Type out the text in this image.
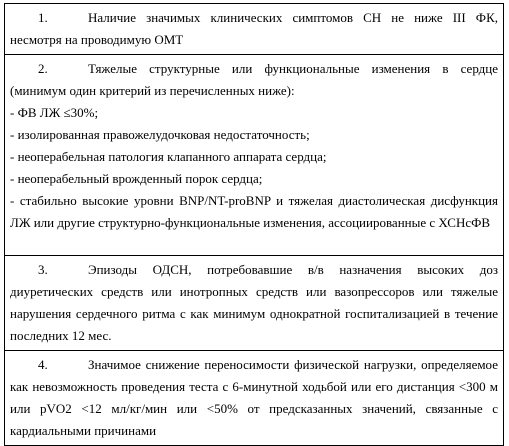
1.	Наличие значимых клинических симптомов СН не ниже III ФК, несмотря на проводимую ОМТ

2.	Тяжелые структурные или функциональные изменения в сердце (минимум один критерий из перечисленных ниже):

- ФВ ЛЖ ≤30%;

- изолированная правожелудочковая недостаточность;

- неоперабельная патология клапанного аппарата сердца;

- неоперабельный врожденный порок сердца;

- стабильно высокие уровни BNP/NT-proBNP и тяжелая диастолическая дисфункция ЛЖ или другие структурно-функциональные изменения, ассоциированные с ХСНсФВ

3.	Эпизоды ОДСН, потребовавшие в/в назначения высоких доз диуретических средств или инотропных средств или вазопрессоров или тяжелые нарушения сердечного ритма с как минимум однократной госпитализацией в течение последних 12 мес.

4.	Значимое снижение переносимости физической нагрузки, определяемое как невозможность проведения теста с 6-минутной ходьбой или его дистанция <300 м или pVO2 <12 мл/кг/мин или <50% от предсказанных значений, связанные с кардиальными причинами
